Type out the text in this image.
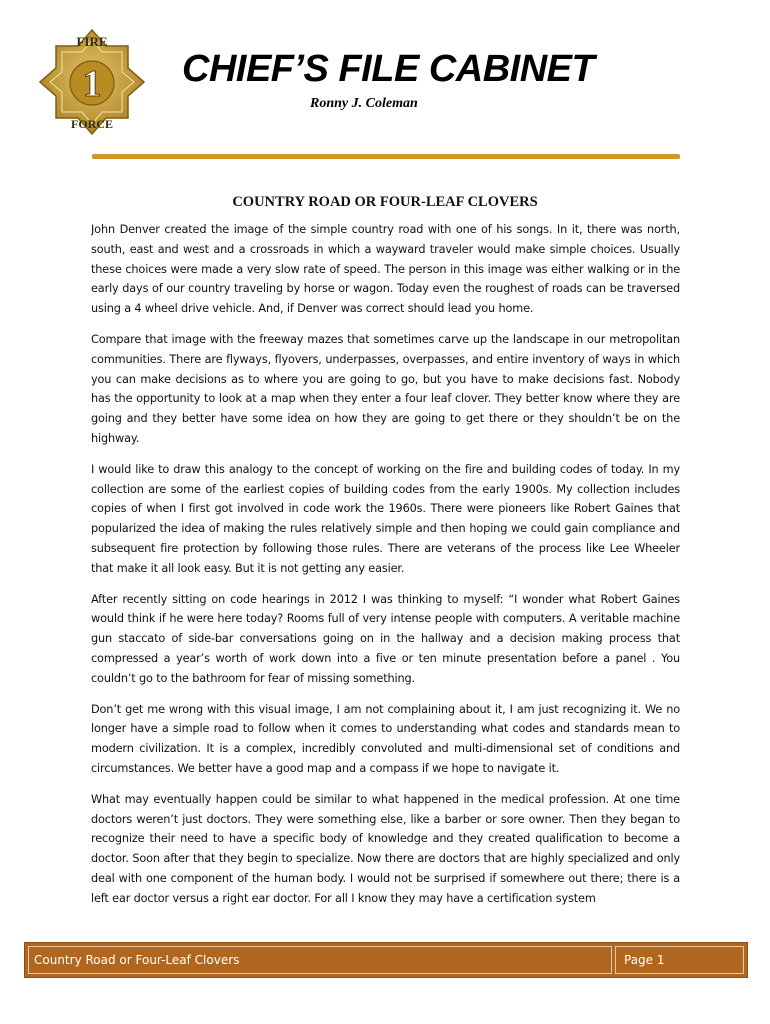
FIRE
FORCE
1 CHIEF’S FILE CABINET
Ronny J. Coleman
COUNTRY ROAD OR FOUR-LEAF CLOVERS

John Denver created the image of the simple country road with one of his songs. In it, there was north, south, east and west and a crossroads in which a wayward traveler would make simple choices. Usually these choices were made a very slow rate of speed. The person in this image was either walking or in the early days of our country traveling by horse or wagon. Today even the roughest of roads can be traversed using a 4 wheel drive vehicle. And, if Denver was correct should lead you home.

Compare that image with the freeway mazes that sometimes carve up the landscape in our metropolitan communities. There are flyways, flyovers, underpasses, overpasses, and entire inventory of ways in which you can make decisions as to where you are going to go, but you have to make decisions fast. Nobody has the opportunity to look at a map when they enter a four leaf clover. They better know where they are going and they better have some idea on how they are going to get there or they shouldn’t be on the highway.

I would like to draw this analogy to the concept of working on the fire and building codes of today. In my collection are some of the earliest copies of building codes from the early 1900s. My collection includes copies of when I first got involved in code work the 1960s. There were pioneers like Robert Gaines that popularized the idea of making the rules relatively simple and then hoping we could gain compliance and subsequent fire protection by following those rules. There are veterans of the process like Lee Wheeler that make it all look easy. But it is not getting any easier.

After recently sitting on code hearings in 2012 I was thinking to myself: “I wonder what Robert Gaines would think if he were here today? Rooms full of very intense people with computers. A veritable machine gun staccato of side-bar conversations going on in the hallway and a decision making process that compressed a year’s worth of work down into a five or ten minute presentation before a panel . You couldn’t go to the bathroom for fear of missing something.

Don’t get me wrong with this visual image, I am not complaining about it, I am just recognizing it. We no longer have a simple road to follow when it comes to understanding what codes and standards mean to modern civilization. It is a complex, incredibly convoluted and multi-dimensional set of conditions and circumstances. We better have a good map and a compass if we hope to navigate it.

What may eventually happen could be similar to what happened in the medical profession. At one time doctors weren’t just doctors. They were something else, like a barber or sore owner. Then they began to recognize their need to have a specific body of knowledge and they created qualification to become a doctor. Soon after that they begin to specialize. Now there are doctors that are highly specialized and only deal with one component of the human body. I would not be surprised if somewhere out there; there is a left ear doctor versus a right ear doctor. For all I know they may have a certification system

Country Road or Four-Leaf Clovers	Page 1
